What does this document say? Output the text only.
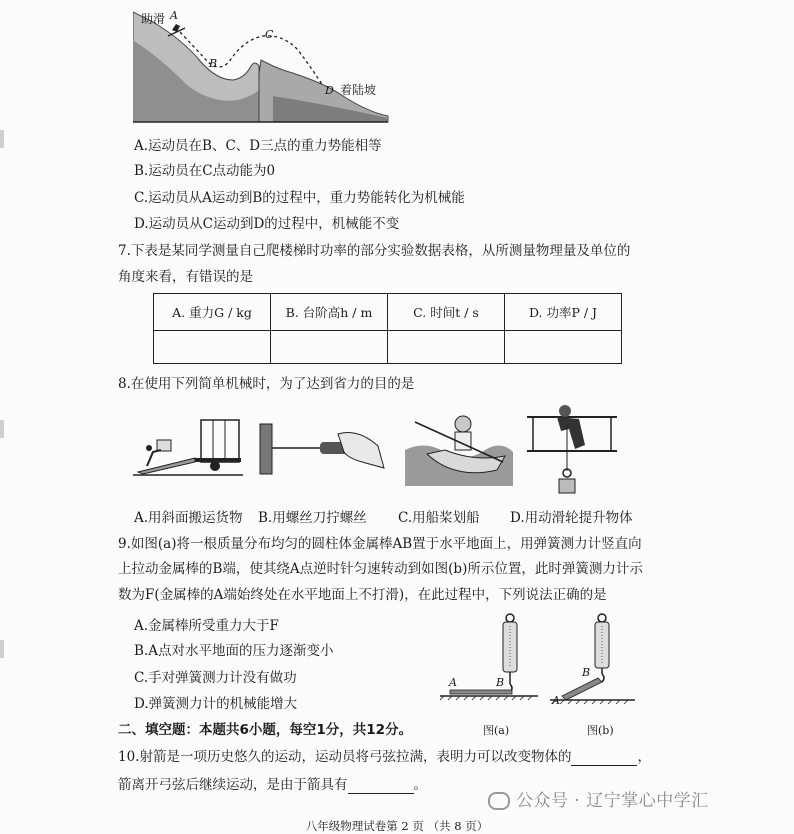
助滑 A
B
C
D 着陆坡
A.运动员在B、C、D三点的重力势能相等
B.运动员在C点动能为0
C.运动员从A运动到B的过程中，重力势能转化为机械能
D.运动员从C运动到D的过程中，机械能不变
7.下表是某同学测量自己爬楼梯时功率的部分实验数据表格，从所测量物理量及单位的
角度来看，有错误的是
A. 重力G / kg	B. 台阶高h / m	C. 时间t / s	D. 功率P / J

8.在使用下列简单机械时，为了达到省力的目的是
A.用斜面搬运货物 B.用螺丝刀拧螺丝 C.用船桨划船 D.用动滑轮提升物体
9.如图(a)将一根质量分布均匀的圆柱体金属棒AB置于水平地面上，用弹簧测力计竖直向
上拉动金属棒的B端，使其绕A点逆时针匀速转动到如图(b)所示位置，此时弹簧测力计示
数为F(金属棒的A端始终处在水平地面上不打滑)，在此过程中，下列说法正确的是
A.金属棒所受重力大于F
B.A点对水平地面的压力逐渐变小
C.手对弹簧测力计没有做功
D.弹簧测力计的机械能增大
A	B
图(a)
A
B
图(b)
二、填空题：本题共6小题，每空1分，共12分。
10.射箭是一项历史悠久的运动，运动员将弓弦拉满，表明力可以改变物体的	，
箭离开弓弦后继续运动，是由于箭具有	。
公众号 · 辽宁掌心中学汇
八年级物理试卷第 2 页 （共 8 页）
